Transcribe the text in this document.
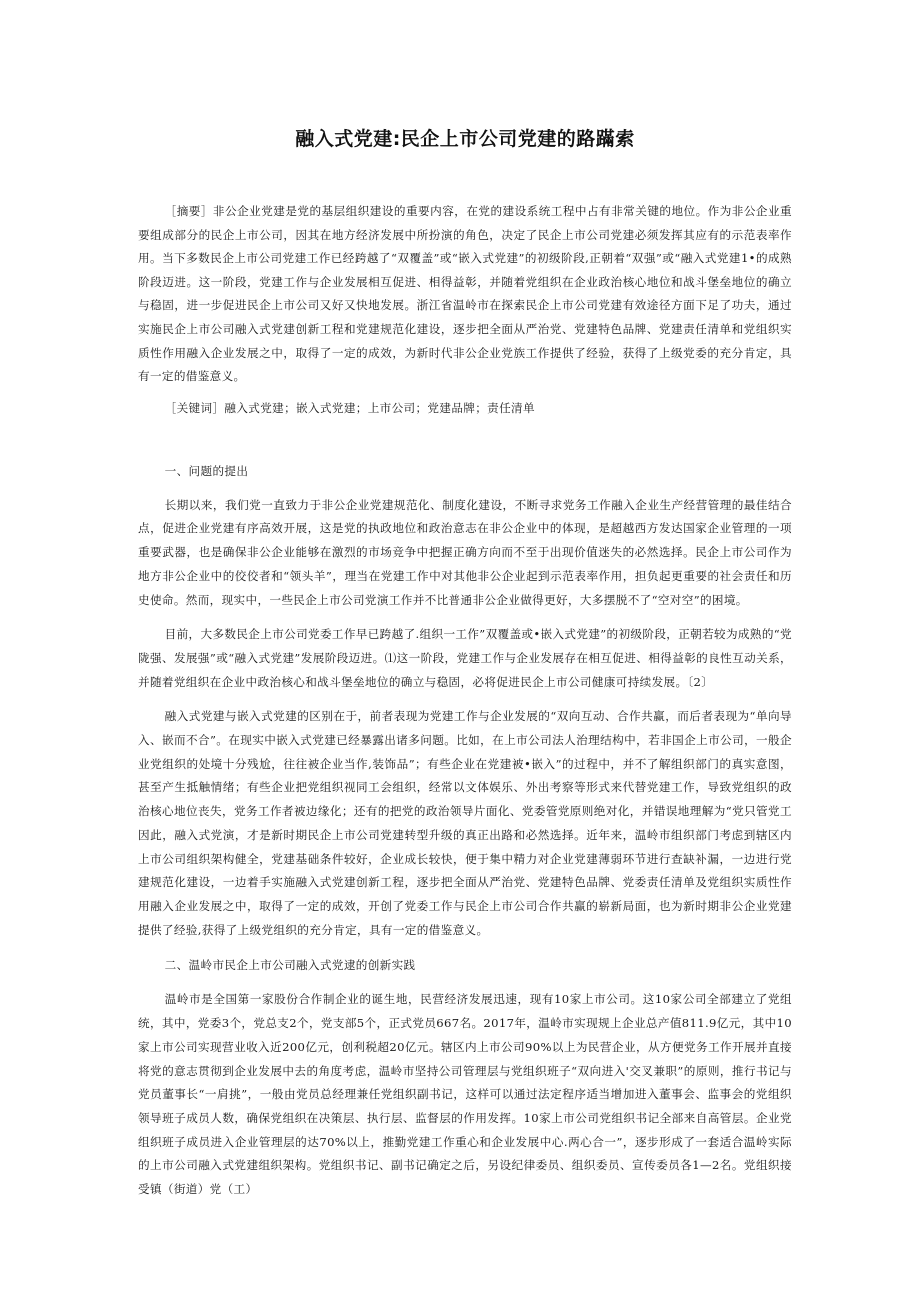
融入式党建:民企上市公司党建的路蹣索
［摘要］非公企业党建是党的基层组织建设的重要内容，在党的建设系统工程中占有非常关键的地位。作为非公企业重要组成部分的民企上市公司，因其在地方经济发展中所扮演的角色，决定了民企上市公司党建必须发挥其应有的示范表率作用。当下多数民企上市公司党建工作已经跨越了“双覆盖”或“嵌入式党建”的初级阶段,正朝着“双强”或“融入式党建1•的成熟阶段迈进。这一阶段，党建工作与企业发展相互促进、相得益彰，并随着党组织在企业政治核心地位和战斗堡垒地位的确立与稳固，进一步促进民企上市公司又好又快地发展。浙江省温岭市在探索民企上市公司党建有效途径方面下足了功夫，通过实施民企上市公司融入式党建创新工程和党建规范化建设，逐步把全面从严治党、党建特色品牌、党建责任清单和党组织实质性作用融入企业发展之中，取得了一定的成效，为新时代非公企业党族工作提供了经验，获得了上级党委的充分肯定，具有一定的借鉴意义。
［关键词］融入式党建；嵌入式党建；上市公司；党建品牌；责任清单
一、问题的提出
长期以来，我们党一直致力于非公企业党建规范化、制度化建设，不断寻求党务工作融入企业生产经营管理的最佳结合点，促进企业党建有序高效开展，这是党的执政地位和政治意志在非公企业中的体现，是超越西方发达国家企业管理的一项重要武器，也是确保非公企业能够在激烈的市场竞争中把握正确方向而不至于出现价值迷失的必然选择。民企上市公司作为地方非公企业中的佼佼者和“领头羊”，理当在党建工作中对其他非公企业起到示范表率作用，担负起更重要的社会责任和历史使命。然而，现实中，一些民企上市公司党演工作并不比普通非公企业做得更好，大多摆脱不了“空对空”的困境。
目前，大多数民企上市公司党委工作早已跨越了.组织一工作”双覆盖或•嵌入式党建”的初级阶段，正朝若较为成熟的“党陇强、发展强”或“融入式党建”发展阶段迈进。⑴这一阶段，党建工作与企业发展存在相互促进、相得益彰的良性互动关系，并随着党组织在企业中政治核心和战斗堡垒地位的确立与稳固，必将促进民企上市公司健康可持续发展。〔2〕
融入式党建与嵌入式党建的区别在于，前者表现为党建工作与企业发展的“双向互动、合作共赢，而后者表现为“单向导入、嵌而不合”。在现实中嵌入式党建已经暴露出诸多问题。比如，在上市公司法人治理结构中，若非国企上市公司，一般企业党组织的处境十分残尬，往往被企业当作,装饰品”；有些企业在党建被•嵌入”的过程中，并不了解组织部门的真实意图，甚至产生抵触情绪；有些企业把党组织视同工会组织，经常以文体娱乐、外出考察等形式来代替党建工作，导致党组织的政治核心地位丧失，党务工作者被边缘化；还有的把党的政治领导片面化、党委管党原则绝对化，并错误地理解为“党只管党工因此，融入式党演，才是新时期民企上市公司党建转型升级的真正出路和必然选择。近年来，温岭市组织部门考虑到辖区内上市公司组织架构健全，党建基础条件较好，企业成长较快，便于集中精力对企业党建薄弱环节进行查缺补漏，一边进行党建规范化建设，一边着手实施融入式党建创新工程，逐步把全面从严治党、党建特色品牌、党委责任清单及党组织实质性作用融入企业发展之中，取得了一定的成效，开创了党委工作与民企上市公司合作共赢的崭新局面，也为新时期非公企业党建提供了经验,获得了上级党组织的充分肯定，具有一定的借鉴意义。
二、温岭市民企上市公司融入式党逮的创新实践
温岭市是全国第一家股份合作制企业的诞生地，民营经济发展迅速，现有10家上市公司。这10家公司全部建立了党组统，其中，党委3个，党总支2个，党支部5个，正式党员667名。2017年，温岭市实现规上企业总产值811.9亿元，其中10家上市公司实现营业收入近200亿元，创利税超20亿元。辖区内上市公司90%以上为民营企业，从方便党务工作开展并直接将党的意志贯彻到企业发展中去的角度考虑，温岭市坚持公司管理层与党组织班子“双向进入'交叉兼职”的原则，推行书记与党员董事长“一肩挑”，一般由党员总经理兼任党组织副书记，这样可以通过法定程序适当增加进入董事会、监事会的党组织领导班子成员人数，确保党组织在决策层、执行层、监督层的作用发挥。10家上市公司党组织书记全部来自高管层。企业党组织班子成员进入企业管理层的达70%以上，推勤党建工作重心和企业发展中心.两心合一”，逐步形成了一套适合温岭实际的上市公司融入式党建组织架构。党组织书记、副书记确定之后，另设纪律委员、组织委员、宣传委员各1—2名。党组织接受镇（街道）党（工）
